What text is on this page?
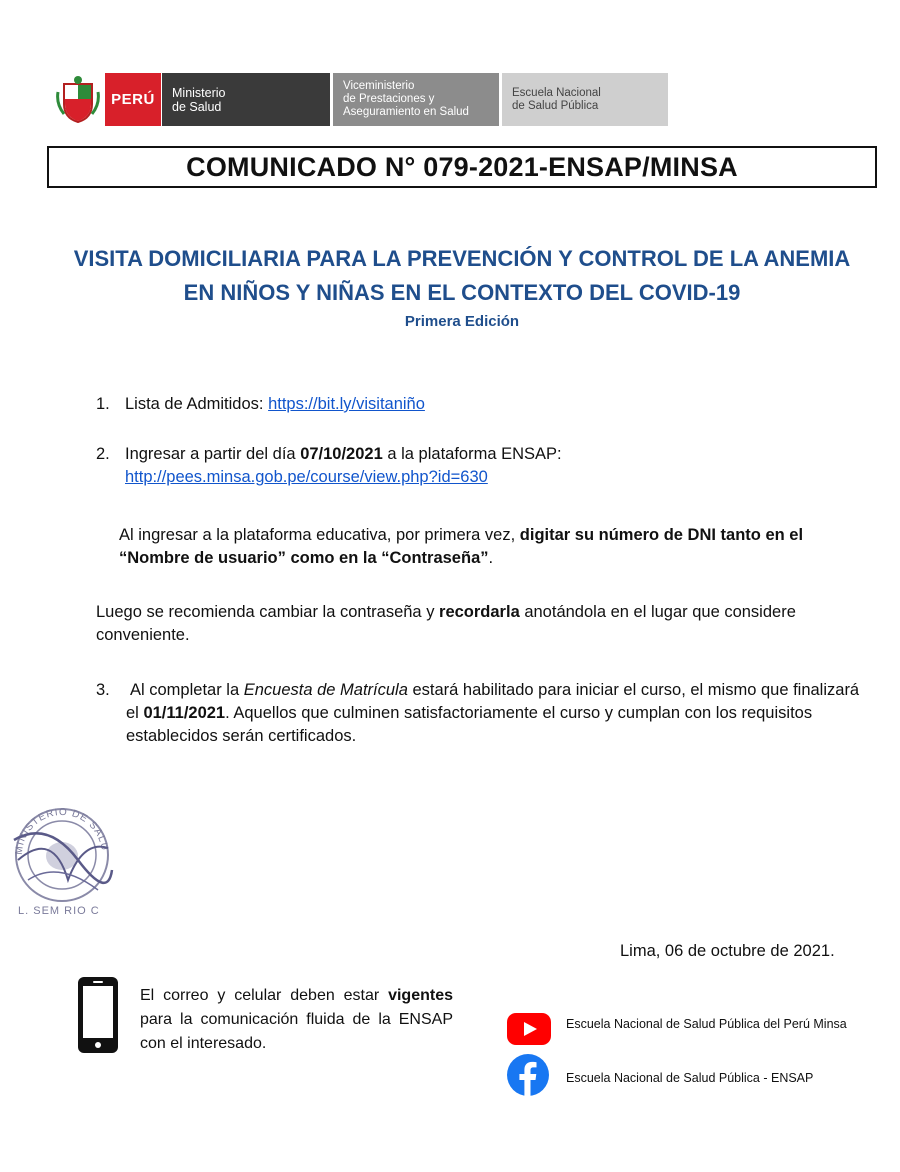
PERÚ Ministerio
de Salud
Viceministerio
de Prestaciones y
Aseguramiento en Salud
Escuela Nacional
de Salud Pública
COMUNICADO N° 079-2021-ENSAP/MINSA
VISITA DOMICILIARIA PARA LA PREVENCIÓN Y CONTROL DE LA ANEMIA
EN NIÑOS Y NIÑAS EN EL CONTEXTO DEL COVID-19
Primera Edición
1. Lista de Admitidos: https://bit.ly/visitaniño
2. Ingresar a partir del día 07/10/2021 a la plataforma ENSAP:
http://pees.minsa.gob.pe/course/view.php?id=630
Al ingresar a la plataforma educativa, por primera vez, digitar su número de DNI tanto en el “Nombre de usuario” como en la “Contraseña”.
Luego se recomienda cambiar la contraseña y recordarla anotándola en el lugar que considere conveniente.
3. Al completar la Encuesta de Matrícula estará habilitado para iniciar el curso, el mismo que finalizará el 01/11/2021. Aquellos que culminen satisfactoriamente el curso y cumplan con los requisitos establecidos serán certificados.
MINISTERIO DE SALU
L. SEM RIO C
Lima, 06 de octubre de 2021.
El correo y celular deben estar vigentes para la comunicación fluida de la ENSAP con el interesado.
Escuela Nacional de Salud Pública del Perú Minsa
Escuela Nacional de Salud Pública - ENSAP
